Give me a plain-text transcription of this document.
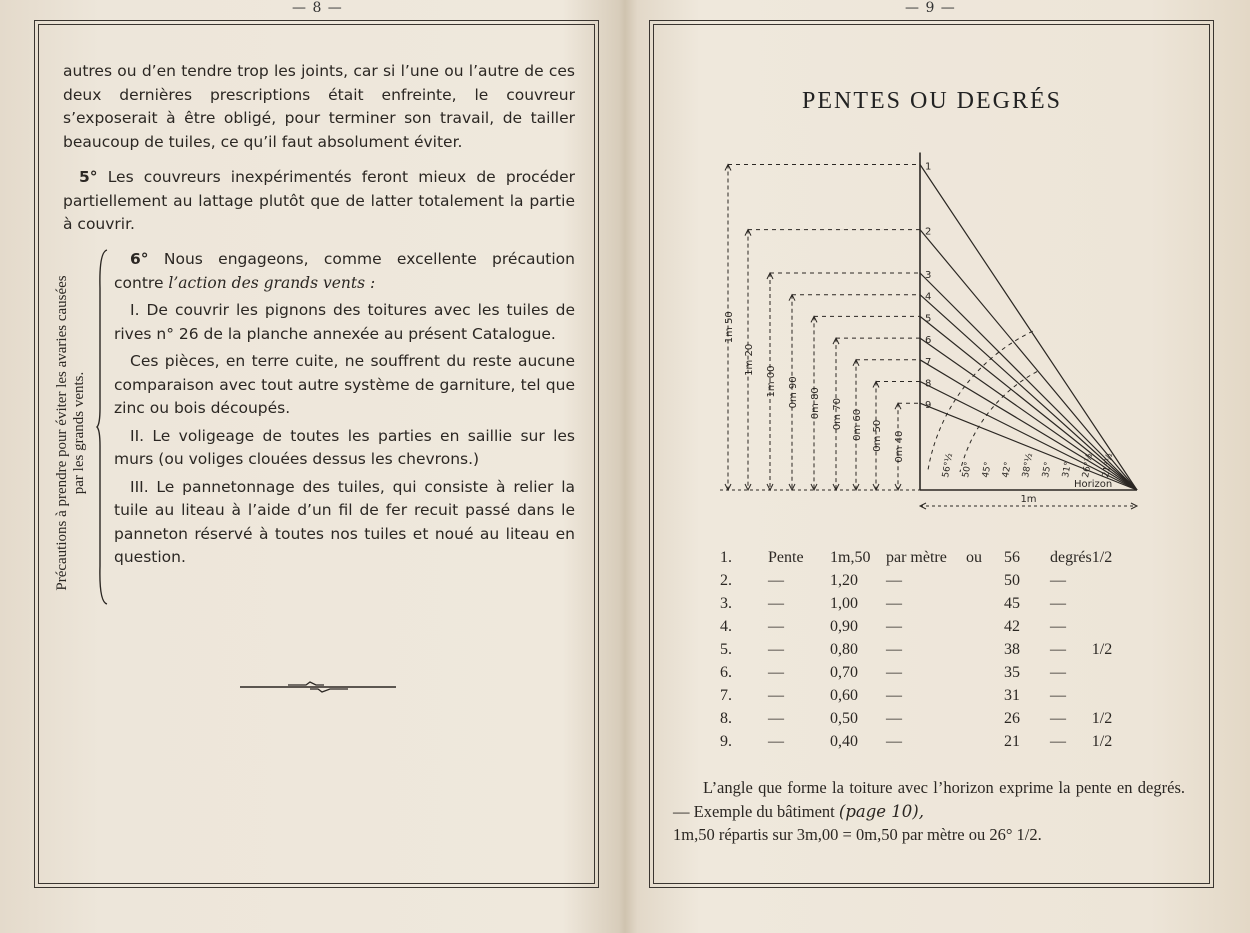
— 8 —

autres ou d’en tendre trop les joints, car si l’une ou l’autre de ces deux dernières prescriptions était enfreinte, le couvreur s’exposerait à être obligé, pour terminer son travail, de tailler beaucoup de tuiles, ce qu’il faut absolument éviter.

5° Les couvreurs inexpérimentés feront mieux de procéder partiellement au lattage plutôt que de latter totalement la partie à couvrir.

6° Nous engageons, comme excellente précaution contre l’action des grands vents :

I. De couvrir les pignons des toitures avec les tuiles de rives n° 26 de la planche annexée au présent Catalogue.

Ces pièces, en terre cuite, ne souffrent du reste aucune comparaison avec tout autre système de garniture, tel que zinc ou bois découpés.

II. Le voligeage de toutes les parties en saillie sur les murs (ou voliges clouées dessus les chevrons.)

III. Le pannetonnage des tuiles, qui consiste à relier la tuile au liteau à l’aide d’un fil de fer recuit passé dans le panneton réservé à toutes nos tuiles et noué au liteau en question.

Précautions à prendre pour éviter les avaries causées par les grands vents.
— 9 —
PENTES OU DEGRÉS
1
1m 50
56°½
2
1m 20
50°
3
1m 00
45°
4
0m 90
42°
5
0m 80
38°½
6
0m 70
35°
7
0m 60
31°
8
0m 50
26°½
9
0m 40
21°½
Horizon
1m
1.	Pente	1m,50	par mètre	ou	56	degrés	1/2
2.	—	1,20	—		50	—	
3.	—	1,00	—		45	—	
4.	—	0,90	—		42	—	
5.	—	0,80	—		38	—	1/2
6.	—	0,70	—		35	—	
7.	—	0,60	—		31	—	
8.	—	0,50	—		26	—	1/2
9.	—	0,40	—		21	—	1/2

L’angle que forme la toiture avec l’horizon exprime la pente en degrés. — Exemple du bâtiment (page 10),

1m,50 répartis sur 3m,00 = 0m,50 par mètre ou 26° 1/2.
